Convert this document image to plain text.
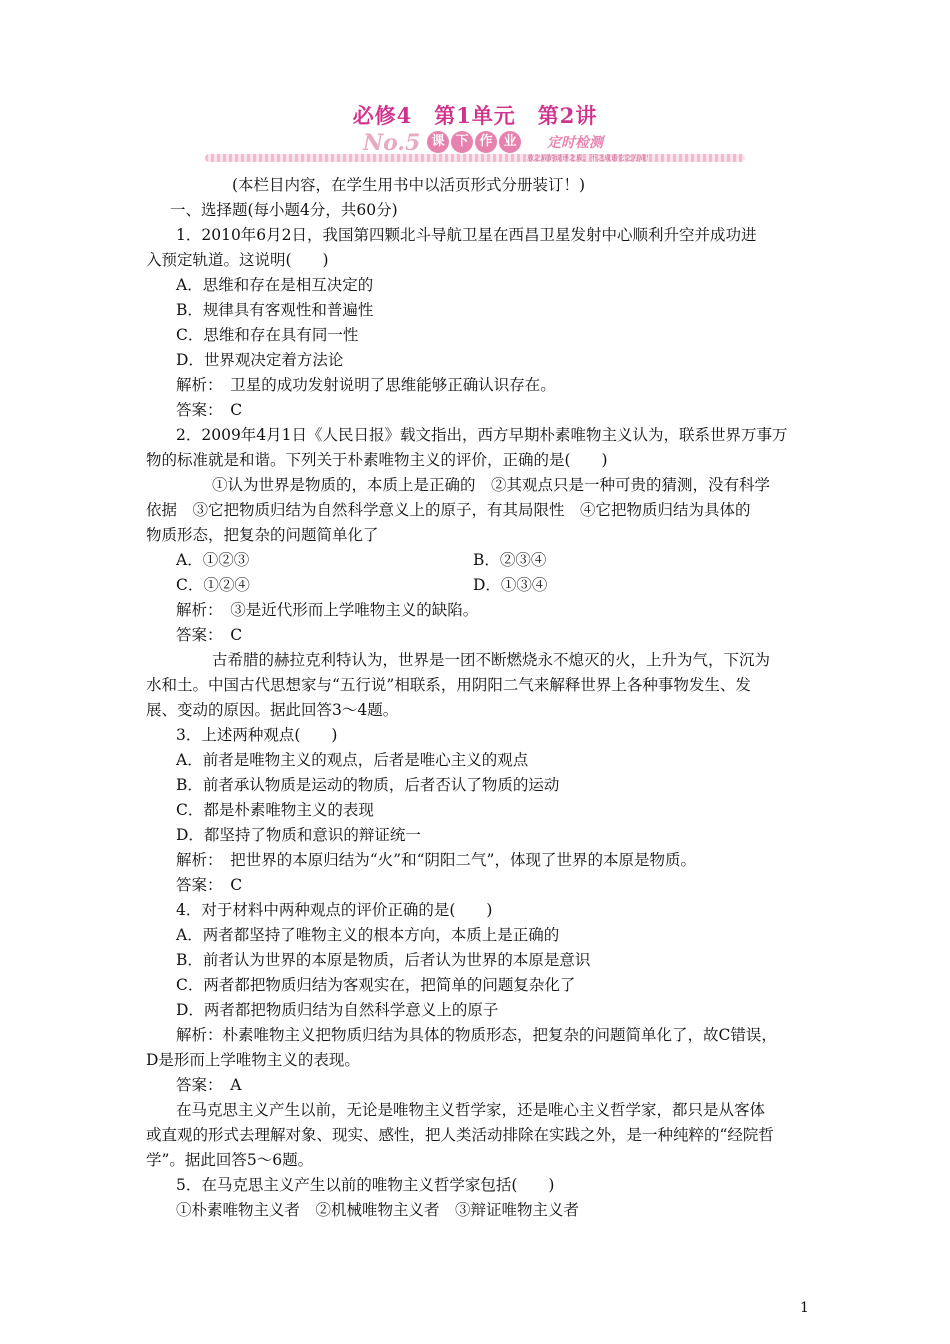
必修4　第1单元　第2讲
No.5 课 下 作 业	定时检测
放之成的说评之成，不之成语它之方成！
(本栏目内容，在学生用书中以活页形式分册装订！)
一、选择题(每小题4分，共60分)
1．2010年6月2日，我国第四颗北斗导航卫星在西昌卫星发射中心顺利升空并成功进
入预定轨道。这说明(　　)
A．思维和存在是相互决定的
B．规律具有客观性和普遍性
C．思维和存在具有同一性
D．世界观决定着方法论
解析：　卫星的成功发射说明了思维能够正确认识存在。
答案：　C
2．2009年4月1日《人民日报》载文指出，西方早期朴素唯物主义认为，联系世界万事万
物的标准就是和谐。下列关于朴素唯物主义的评价，正确的是(　　)
①认为世界是物质的，本质上是正确的　②其观点只是一种可贵的猜测，没有科学
依据　③它把物质归结为自然科学意义上的原子，有其局限性　④它把物质归结为具体的
物质形态，把复杂的问题简单化了
A．①②③	B．②③④
C．①②④	D．①③④
解析：　③是近代形而上学唯物主义的缺陷。
答案：　C
古希腊的赫拉克利特认为，世界是一团不断燃烧永不熄灭的火，上升为气，下沉为
水和土。中国古代思想家与“五行说”相联系，用阴阳二气来解释世界上各种事物发生、发
展、变动的原因。据此回答3～4题。
3．上述两种观点(　　)
A．前者是唯物主义的观点，后者是唯心主义的观点
B．前者承认物质是运动的物质，后者否认了物质的运动
C．都是朴素唯物主义的表现
D．都坚持了物质和意识的辩证统一
解析：　把世界的本原归结为“火”和“阴阳二气”，体现了世界的本原是物质。
答案：　C
4．对于材料中两种观点的评价正确的是(　　)
A．两者都坚持了唯物主义的根本方向，本质上是正确的
B．前者认为世界的本原是物质，后者认为世界的本原是意识
C．两者都把物质归结为客观实在，把简单的问题复杂化了
D．两者都把物质归结为自然科学意义上的原子
解析：朴素唯物主义把物质归结为具体的物质形态，把复杂的问题简单化了，故C错误，
D是形而上学唯物主义的表现。
答案：　A
在马克思主义产生以前，无论是唯物主义哲学家，还是唯心主义哲学家，都只是从客体
或直观的形式去理解对象、现实、感性，把人类活动排除在实践之外，是一种纯粹的“经院哲
学”。据此回答5～6题。
5．在马克思主义产生以前的唯物主义哲学家包括(　　)
①朴素唯物主义者　②机械唯物主义者　③辩证唯物主义者
1
